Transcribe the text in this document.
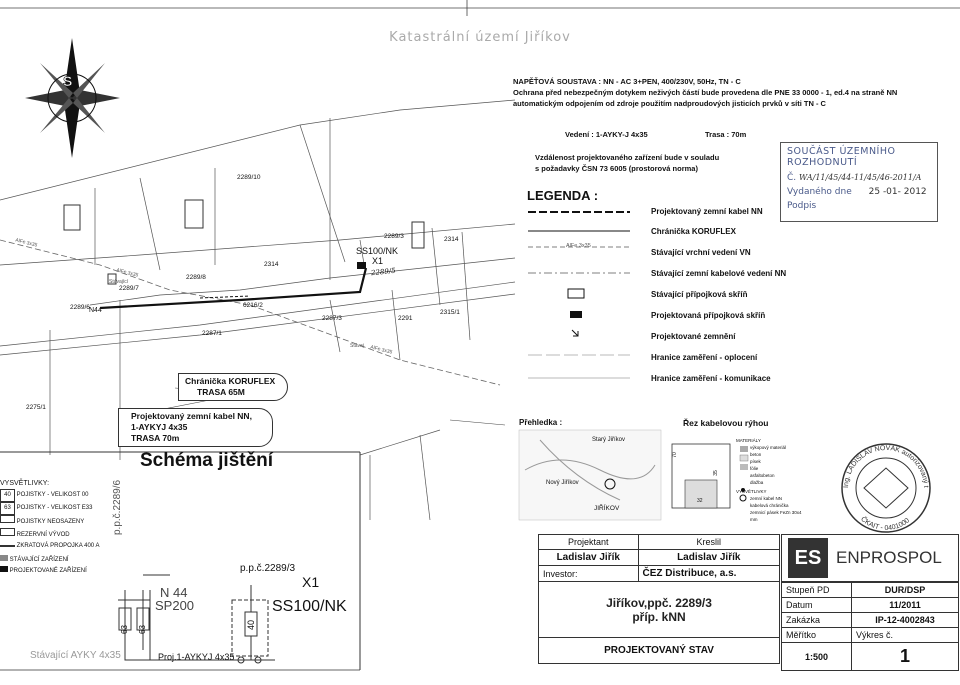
Katastrální území Jiříkov
NAPĚŤOVÁ SOUSTAVA : NN - AC 3+PEN, 400/230V, 50Hz, TN - C
Ochrana před nebezpečným dotykem neživých částí bude provedena dle PNE 33 0000 - 1, ed.4 na straně NN
automatickým odpojením od zdroje použitím nadproudových jisticích prvků v síti TN - C
Vedení : 1-AYKY-J 4x35	Trasa : 70m
Vzdálenost projektovaného zařízení bude v souladu
s požadavky ČSN 73 6005 (prostorová norma)
S
SOUČÁST ÚZEMNÍHO ROZHODNUTÍ
Č. WA/11/45/44-11/45/46-2011/A
Vydaného dne 25 -01- 2012
Podpis
LEGENDA :
AlFe 3x35
Projektovaný zemní kabel NN
Chránička KORUFLEX
Stávající vrchní vedení VN
Stávající zemní kabelové vedení NN
Stávající přípojková skříň
Projektovaná přípojková skříň
Projektované zemnění
Hranice zaměření - oplocení
Hranice zaměření - komunikace
2289/10
2289/3
2314
2314
2289/8
2289/7
2289/6
2287/1
2287/3	2291
2315/1
2275/1
6216/2
SS100/NK
X1
2289/5
N44
AlFe 3x35
AlFe 3x35
AlFe 3x35
Stávající
Stávaj
Chránička KORUFLEX
TRASA 65M
Projektovaný zemní kabel NN,
1-AYKYJ 4x35
TRASA 70m
Schéma jištění
VYSVĚTLIVKY:
40 POJISTKY - VELIKOST 00
63 POJISTKY - VELIKOST E33
POJISTKY NEOSAZENY
REZERVNÍ VÝVOD
ZKRATOVÁ PROPOJKA 400 A
STÁVAJÍCÍ ZAŘÍZENÍ
PROJEKTOVANÉ ZAŘÍZENÍ
p.p.č.2289/6
N 44
SP200
p.p.č.2289/3
X1
SS100/NK
Proj.1-AYKYJ 4x35
Stávající AYKY 4x35
63 63	40
Přehledka :
Starý Jiříkov
Nový Jiříkov
JIŘÍKOV
Řez kabelovou rýhou
70
35
32
MATERIÁLY
výkopový materiál
beton
písek
fólie
asfaltobeton
dlažba
VYSVĚTLIVKY
zemní kabel NN
kabelová chránička
zemnicí pásek FeZn 30x4 mm
Ing. LADISLAV NOVÁK autorizovaný t
ČKAIT - 0401000
Projektant	Kreslil
Ladislav Jiřík	Ladislav Jiřík
Investor:	ČEZ Distribuce, a.s.

Jiříkov,ppč. 2289/3
příp. kNN	

PROJEKTOVANÝ STAV	
ES ENPROSPOL
Stupeň PD	DUR/DSP
Datum	11/2011
Zakázka	IP-12-4002843
Měřítko	Výkres č.
1:500	1
